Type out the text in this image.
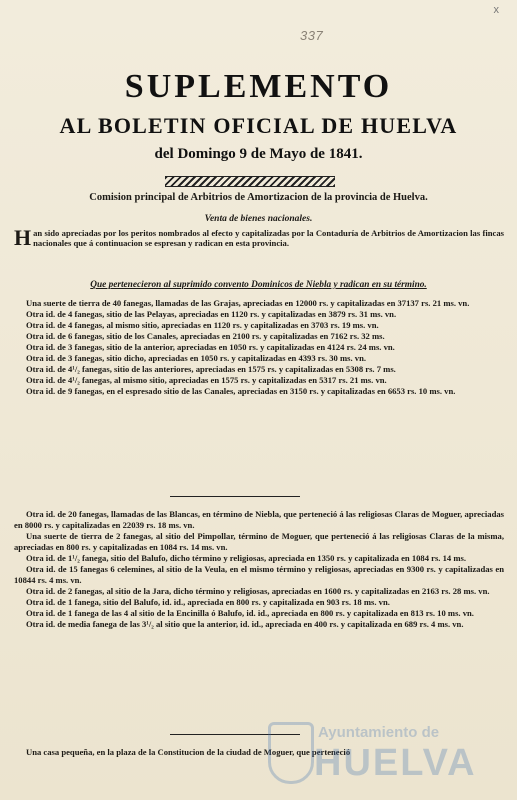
x
337
SUPLEMENTO
AL BOLETIN OFICIAL DE HUELVA
del Domingo 9 de Mayo de 1841.
Comision principal de Arbitrios de Amortizacion de la provincia de Huelva.
Venta de bienes nacionales.
H an sido apreciadas por los peritos nombrados al efecto y capitalizadas por la Contaduría de Arbitrios de Amortizacion las fincas nacionales que á continuacion se espresan y radican en esta provincia.
Que pertenecieron al suprimido convento Dominicos de Niebla y radican en su término.

Una suerte de tierra de 40 fanegas, llamadas de las Grajas, apreciadas en 12000 rs. y capitalizadas en 37137 rs. 21 ms. vn.

Otra id. de 4 fanegas, sitio de las Pelayas, apreciadas en 1120 rs. y capitalizadas en 3879 rs. 31 ms. vn.

Otra id. de 4 fanegas, al mismo sitio, apreciadas en 1120 rs. y capitalizadas en 3703 rs. 19 ms. vn.

Otra id. de 6 fanegas, sitio de los Canales, apreciadas en 2100 rs. y capitalizadas en 7162 rs. 32 ms.

Otra id. de 3 fanegas, sitio de la anterior, apreciadas en 1050 rs. y capitalizadas en 4124 rs. 24 ms. vn.

Otra id. de 3 fanegas, sitio dicho, apreciadas en 1050 rs. y capitalizadas en 4393 rs. 30 ms. vn.

Otra id. de 4¹/₂ fanegas, sitio de las anteriores, apreciadas en 1575 rs. y capitalizadas en 5308 rs. 7 ms.

Otra id. de 4¹/₂ fanegas, al mismo sitio, apreciadas en 1575 rs. y capitalizadas en 5317 rs. 21 ms. vn.

Otra id. de 9 fanegas, en el espresado sitio de las Canales, apreciadas en 3150 rs. y capitalizadas en 6653 rs. 10 ms. vn.

Otra id. de 20 fanegas, llamadas de las Blancas, en término de Niebla, que perteneció á las religiosas Claras de Moguer, apreciadas en 8000 rs. y capitalizadas en 22039 rs. 18 ms. vn.

Una suerte de tierra de 2 fanegas, al sitio del Pimpollar, término de Moguer, que perteneció á las religiosas Claras de la misma, apreciadas en 800 rs. y capitalizadas en 1084 rs. 14 ms. vn.

Otra id. de 1¹/₂ fanega, sitio del Balufo, dicho término y religiosas, apreciada en 1350 rs. y capitalizada en 1084 rs. 14 ms.

Otra id. de 15 fanegas 6 celemines, al sitio de la Veula, en el mismo término y religiosas, apreciadas en 9300 rs. y capitalizadas en 10844 rs. 4 ms. vn.

Otra id. de 2 fanegas, al sitio de la Jara, dicho término y religiosas, apreciadas en 1600 rs. y capitalizadas en 2163 rs. 28 ms. vn.

Otra id. de 1 fanega, sitio del Balufo, id. id., apreciada en 800 rs. y capitalizada en 903 rs. 18 ms. vn.

Otra id. de 1 fanega de las 4 al sitio de la Encinilla ó Balufo, id. id., apreciada en 800 rs. y capitalizada en 813 rs. 10 ms. vn.

Otra id. de media fanega de las 3¹/₂ al sitio que la anterior, id. id., apreciada en 400 rs. y capitalizada en 689 rs. 4 ms. vn.

Una casa pequeña, en la plaza de la Constitucion de la ciudad de Moguer, que perteneció

Ayuntamiento de
HUELVA
